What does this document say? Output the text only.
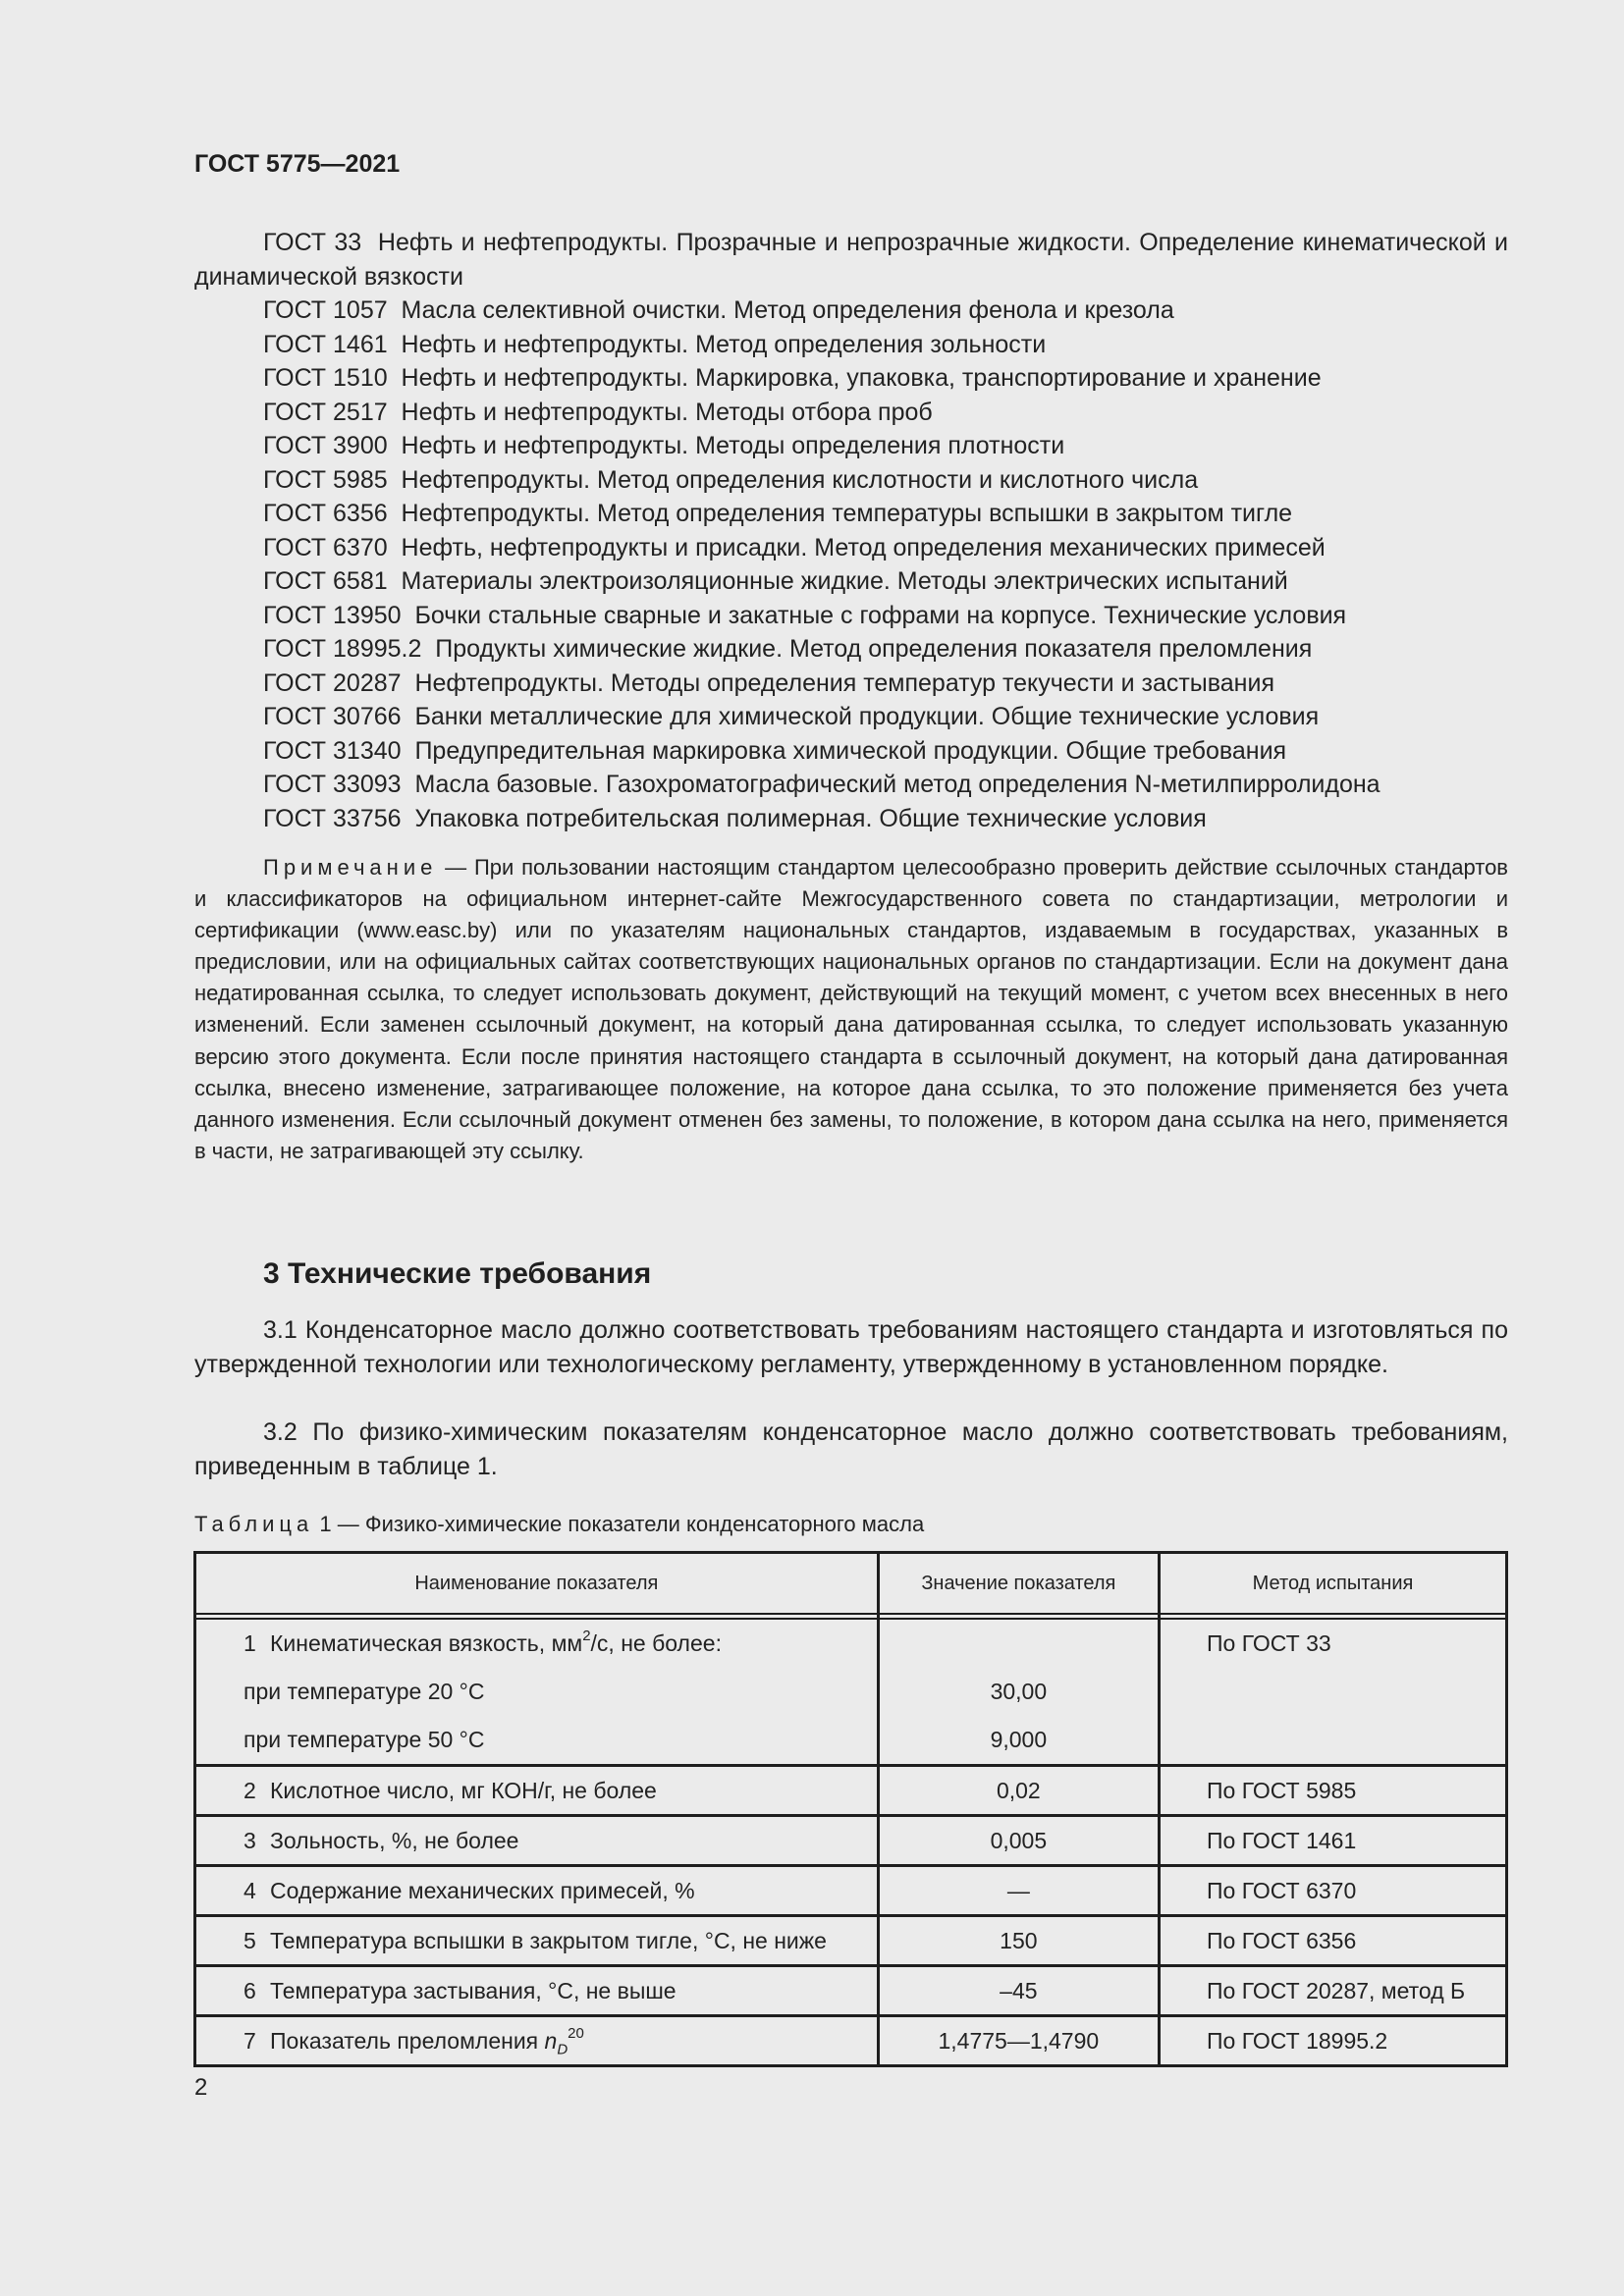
ГОСТ 5775—2021

ГОСТ 33 Нефть и нефтепродукты. Прозрачные и непрозрачные жидкости. Определение кинематической и динамической вязкости

ГОСТ 1057 Масла селективной очистки. Метод определения фенола и крезола

ГОСТ 1461 Нефть и нефтепродукты. Метод определения зольности

ГОСТ 1510 Нефть и нефтепродукты. Маркировка, упаковка, транспортирование и хранение

ГОСТ 2517 Нефть и нефтепродукты. Методы отбора проб

ГОСТ 3900 Нефть и нефтепродукты. Методы определения плотности

ГОСТ 5985 Нефтепродукты. Метод определения кислотности и кислотного числа

ГОСТ 6356 Нефтепродукты. Метод определения температуры вспышки в закрытом тигле

ГОСТ 6370 Нефть, нефтепродукты и присадки. Метод определения механических примесей

ГОСТ 6581 Материалы электроизоляционные жидкие. Методы электрических испытаний

ГОСТ 13950 Бочки стальные сварные и закатные с гофрами на корпусе. Технические условия

ГОСТ 18995.2 Продукты химические жидкие. Метод определения показателя преломления

ГОСТ 20287 Нефтепродукты. Методы определения температур текучести и застывания

ГОСТ 30766 Банки металлические для химической продукции. Общие технические условия

ГОСТ 31340 Предупредительная маркировка химической продукции. Общие требования

ГОСТ 33093 Масла базовые. Газохроматографический метод определения N-метилпирролидона

ГОСТ 33756 Упаковка потребительская полимерная. Общие технические условия

Примечание — При пользовании настоящим стандартом целесообразно проверить действие ссылочных стандартов и классификаторов на официальном интернет-сайте Межгосударственного совета по стандартизации, метрологии и сертификации (www.easc.by) или по указателям национальных стандартов, издаваемым в государствах, указанных в предисловии, или на официальных сайтах соответствующих национальных органов по стандартизации. Если на документ дана недатированная ссылка, то следует использовать документ, действующий на текущий момент, с учетом всех внесенных в него изменений. Если заменен ссылочный документ, на который дана датированная ссылка, то следует использовать указанную версию этого документа. Если после принятия настоящего стандарта в ссылочный документ, на который дана датированная ссылка, внесено изменение, затрагивающее положение, на которое дана ссылка, то это положение применяется без учета данного изменения. Если ссылочный документ отменен без замены, то положение, в котором дана ссылка на него, применяется в части, не затрагивающей эту ссылку.
3 Технические требования

3.1 Конденсаторное масло должно соответствовать требованиям настоящего стандарта и изготовляться по утвержденной технологии или технологическому регламенту, утвержденному в установленном порядке.

3.2 По физико-химическим показателям конденсаторное масло должно соответствовать требованиям, приведенным в таблице 1.

Таблица 1 — Физико-химические показатели конденсаторного масла
Наименование показателя	Значение показателя	Метод испытания

1 Кинематическая вязкость, $мм^2/с$, не более:		По ГОСТ 33

при температуре 20 °С	30,00	

при температуре 50 °С	9,000	

2 Кислотное число, мг КОН/г, не более	0,02	По ГОСТ 5985

3 Зольность, %, не более	0,005	По ГОСТ 1461

4 Содержание механических примесей, %	—	По ГОСТ 6370

5 Температура вспышки в закрытом тигле, °С, не ниже	150	По ГОСТ 6356

6 Температура застывания, °С, не выше	–45	По ГОСТ 20287, метод Б

7 Показатель преломления $n_D^{20}$	1,4775—1,4790	По ГОСТ 18995.2
2
